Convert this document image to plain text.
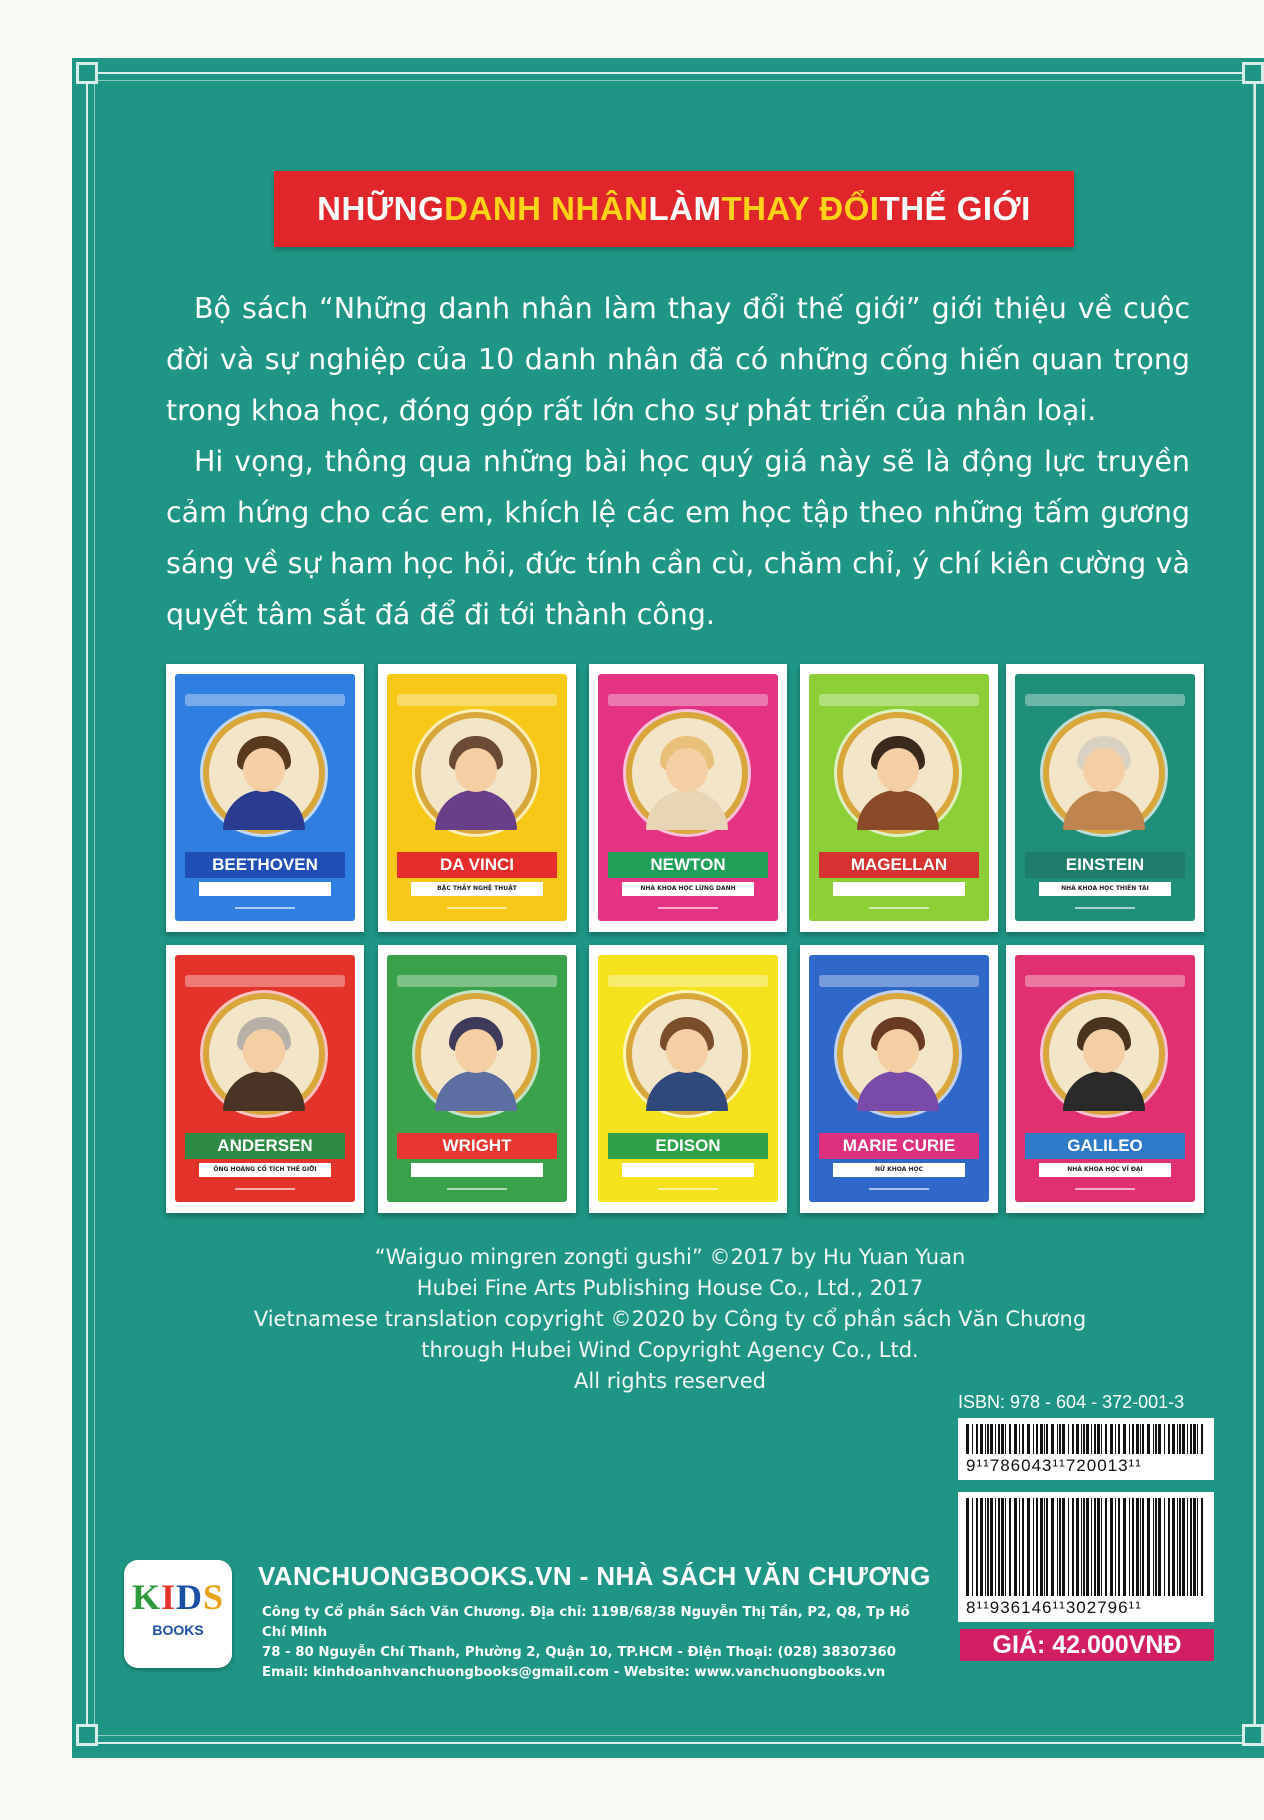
NHỮNG DANH NHÂN LÀM THAY ĐỔI THẾ GIỚI

Bộ sách “Những danh nhân làm thay đổi thế giới” giới thiệu về cuộc đời và sự nghiệp của 10 danh nhân đã có những cống hiến quan trọng trong khoa học, đóng góp rất lớn cho sự phát triển của nhân loại.

Hi vọng, thông qua những bài học quý giá này sẽ là động lực truyền cảm hứng cho các em, khích lệ các em học tập theo những tấm gương sáng về sự ham học hỏi, đức tính cần cù, chăm chỉ, ý chí kiên cường và quyết tâm sắt đá để đi tới thành công.

BEETHOVEN	DA VINCI
BẬC THẦY NGHỆ THUẬT
NEWTON
NHÀ KHOA HỌC LỪNG DANH
MAGELLAN	EINSTEIN
NHÀ KHOA HỌC THIÊN TÀI
ANDERSEN
ÔNG HOÀNG CỔ TÍCH THẾ GIỚI
WRIGHT	EDISON	MARIE CURIE
NỮ KHOA HỌC
GALILEO
NHÀ KHOA HỌC VĨ ĐẠI
“Waiguo mingren zongti gushi” ©2017 by Hu Yuan Yuan
Hubei Fine Arts Publishing House Co., Ltd., 2017
Vietnamese translation copyright ©2020 by Công ty cổ phần sách Văn Chương
through Hubei Wind Copyright Agency Co., Ltd.
All rights reserved
ISBN: 978 - 604 - 372-001-3
9¹¹786043¹¹720013¹¹
8¹¹936146¹¹302796¹¹
GIÁ: 42.000VNĐ
KIDS
BOOKS
VANCHUONGBOOKS.VN - NHÀ SÁCH VĂN CHƯƠNG
Công ty Cổ phần Sách Văn Chương. Địa chỉ: 119B/68/38 Nguyễn Thị Tần, P2, Q8, Tp Hồ Chí Minh
78 - 80 Nguyễn Chí Thanh, Phường 2, Quận 10, TP.HCM - Điện Thoại: (028) 38307360
Email: kinhdoanhvanchuongbooks@gmail.com - Website: www.vanchuongbooks.vn
